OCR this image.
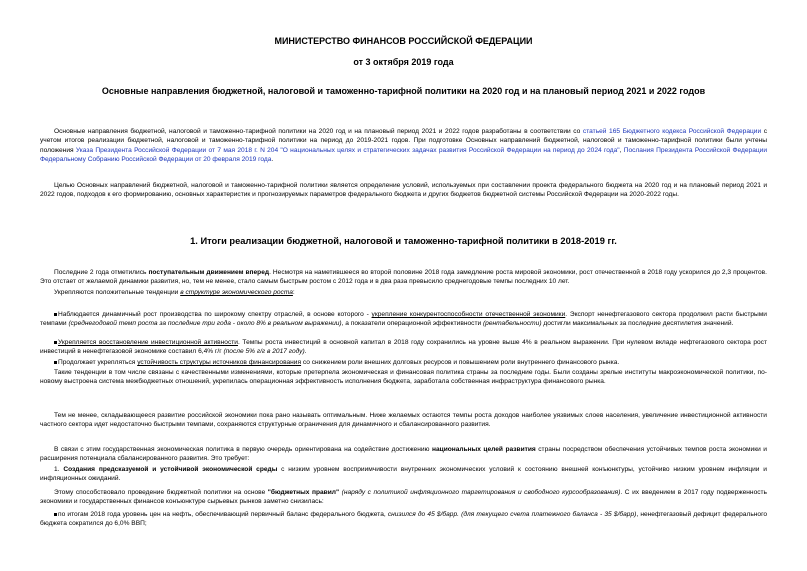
МИНИСТЕРСТВО ФИНАНСОВ РОССИЙСКОЙ ФЕДЕРАЦИИ
от 3 октября 2019 года
Основные направления бюджетной, налоговой и таможенно-тарифной политики на 2020 год и на плановый период 2021 и 2022 годов
Основные направления бюджетной, налоговой и таможенно-тарифной политики на 2020 год и на плановый период 2021 и 2022 годов разработаны в соответствии со статьей 165 Бюджетного кодекса Российской Федерации с учетом итогов реализации бюджетной, налоговой и таможенно-тарифной политики на период до 2019-2021 годов. При подготовке Основных направлений бюджетной, налоговой и таможенно-тарифной политики были учтены положения Указа Президента Российской Федерации от 7 мая 2018 г. N 204 "О национальных целях и стратегических задачах развития Российской Федерации на период до 2024 года", Послания Президента Российской Федерации Федеральному Собранию Российской Федерации от 20 февраля 2019 года.
Целью Основных направлений бюджетной, налоговой и таможенно-тарифной политики является определение условий, используемых при составлении проекта федерального бюджета на 2020 год и на плановый период 2021 и 2022 годов, подходов к его формированию, основных характеристик и прогнозируемых параметров федерального бюджета и других бюджетов бюджетной системы Российской Федерации на 2020-2022 годы.
1. Итоги реализации бюджетной, налоговой и таможенно-тарифной политики в 2018-2019 гг.
Последние 2 года отметились поступательным движением вперед. Несмотря на наметившееся во второй половине 2018 года замедление роста мировой экономики, рост отечественной в 2018 году ускорился до 2,3 процентов. Это отстает от желаемой динамики развития, но, тем не менее, стало самым быстрым ростом с 2012 года и в два раза превысило среднегодовые темпы последних 10 лет.
Укрепляются положительные тенденции в структуре экономического роста:
Наблюдается динамичный рост производства по широкому спектру отраслей, в основе которого - укрепление конкурентоспособности отечественной экономики. Экспорт ненефтегазового сектора продолжил расти быстрыми темпами (среднегодовой темп роста за последние три года - около 8% в реальном выражении), а показатели операционной эффективности (рентабельности) достигли максимальных за последние десятилетия значений.
Укрепляется восстановление инвестиционной активности. Темпы роста инвестиций в основной капитал в 2018 году сохранились на уровне выше 4% в реальном выражении. При нулевом вкладе нефтегазового сектора рост инвестиций в ненефтегазовой экономике составил 6,4% г/г (после 5% г/г в 2017 году).
Продолжает укрепляться устойчивость структуры источников финансирования со снижением роли внешних долговых ресурсов и повышением роли внутреннего финансового рынка.
Такие тенденции в том числе связаны с качественными изменениями, которые претерпела экономическая и финансовая политика страны за последние годы. Были созданы зрелые институты макроэкономической политики, по-новому выстроена система межбюджетных отношений, укрепилась операционная эффективность исполнения бюджета, заработала собственная инфраструктура финансового рынка.
Тем не менее, складывающееся развитие российской экономики пока рано называть оптимальным. Ниже желаемых остаются темпы роста доходов наиболее уязвимых слоев населения, увеличение инвестиционной активности частного сектора идет недостаточно быстрыми темпами, сохраняются структурные ограничения для динамичного и сбалансированного развития.
В связи с этим государственная экономическая политика в первую очередь ориентирована на содействие достижению национальных целей развития страны посредством обеспечения устойчивых темпов роста экономики и расширения потенциала сбалансированного развития. Это требует:
1. Создания предсказуемой и устойчивой экономической среды с низким уровнем восприимчивости внутренних экономических условий к состоянию внешней конъюнктуры, устойчиво низким уровнем инфляции и инфляционных ожиданий.
Этому способствовало проведение бюджетной политики на основе "бюджетных правил" (наряду с политикой инфляционного таргетирования и свободного курсообразования). С их введением в 2017 году подверженность экономики и государственных финансов конъюнктуре сырьевых рынков заметно снизилась:
по итогам 2018 года уровень цен на нефть, обеспечивающий первичный баланс федерального бюджета, снизился до 45 $/барр. (для текущего счета платежного баланса - 35 $/барр), ненефтегазовый дефицит федерального бюджета сократился до 6,0% ВВП;
